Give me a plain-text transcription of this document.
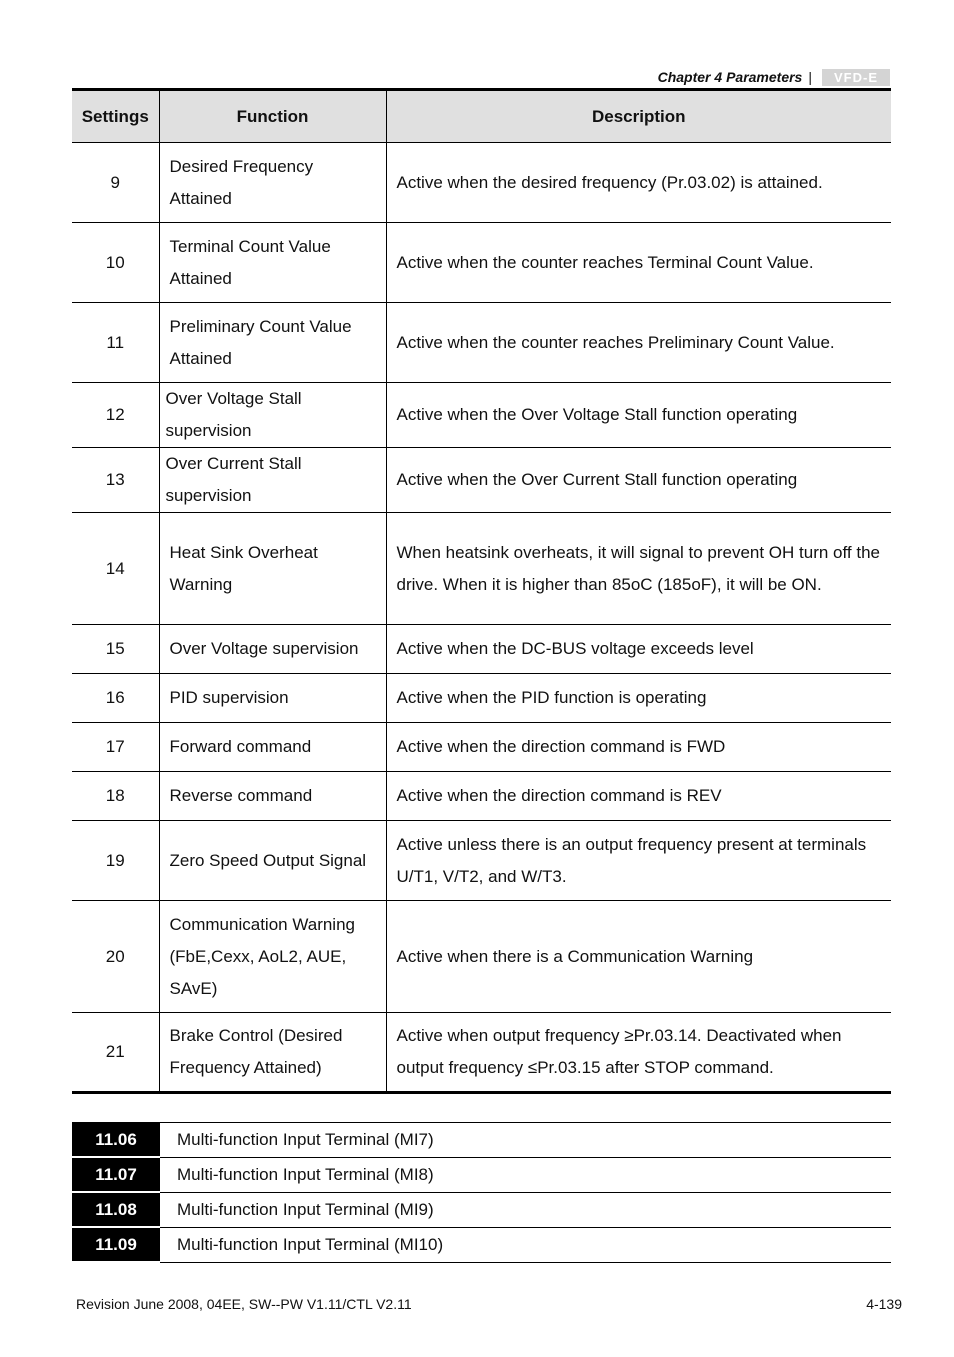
Chapter 4 Parameters |	VFD-E
Settings	Function	Description
9	Desired Frequency Attained	Active when the desired frequency (Pr.03.02) is attained.
10	Terminal Count Value Attained	Active when the counter reaches Terminal Count Value.
11	Preliminary Count Value Attained	Active when the counter reaches Preliminary Count Value.
12	Over Voltage Stall supervision	Active when the Over Voltage Stall function operating
13	Over Current Stall supervision	Active when the Over Current Stall function operating
14	Heat Sink Overheat Warning	When heatsink overheats, it will signal to prevent OH turn off the drive. When it is higher than 85oC (185oF), it will be ON.
15	Over Voltage supervision	Active when the DC-BUS voltage exceeds level
16	PID supervision	Active when the PID function is operating
17	Forward command	Active when the direction command is FWD
18	Reverse command	Active when the direction command is REV
19	Zero Speed Output Signal	Active unless there is an output frequency present at terminals U/T1, V/T2, and W/T3.
20	Communication Warning (FbE,Cexx, AoL2, AUE, SAvE)	Active when there is a Communication Warning
21	Brake Control (Desired Frequency Attained)	Active when output frequency ≥Pr.03.14. Deactivated when output frequency ≤Pr.03.15 after STOP command.
11.06	Multi-function Input Terminal (MI7)
11.07	Multi-function Input Terminal (MI8)
11.08	Multi-function Input Terminal (MI9)
11.09	Multi-function Input Terminal (MI10)
Revision June 2008, 04EE, SW--PW V1.11/CTL V2.11	4-139
